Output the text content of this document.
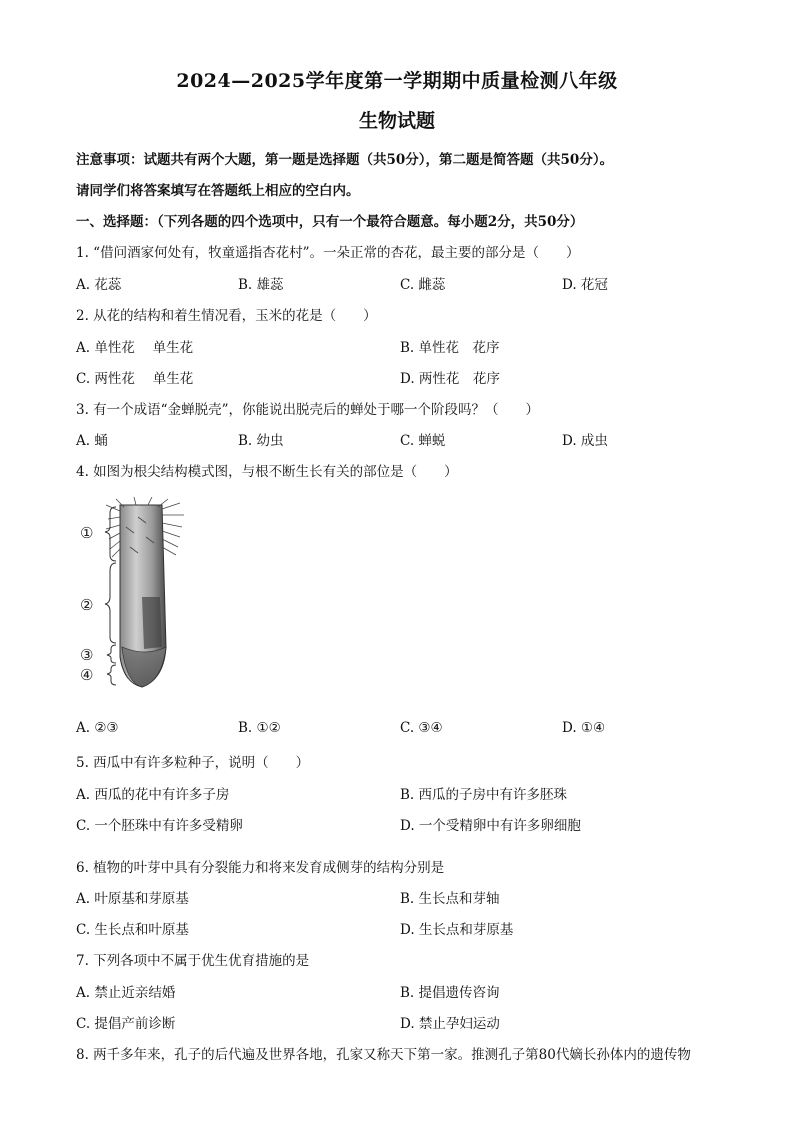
2024—2025学年度第一学期期中质量检测八年级
生物试题
注意事项：试题共有两个大题，第一题是选择题（共50分），第二题是简答题（共50分）。
请同学们将答案填写在答题纸上相应的空白内。
一、选择题：（下列各题的四个选项中，只有一个最符合题意。每小题2分，共50分）
1. “借问酒家何处有，牧童遥指杏花村”。一朵正常的杏花，最主要的部分是（　　）
A. 花蕊	B. 雄蕊	C. 雌蕊	D. 花冠
2. 从花的结构和着生情况看，玉米的花是（　　）
A. 单性花　 单生花	B. 单性花　花序
C. 两性花　 单生花	D. 两性花　花序
3. 有一个成语“金蝉脱壳”，你能说出脱壳后的蝉处于哪一个阶段吗？（　　）
A. 蛹	B. 幼虫	C. 蝉蜕	D. 成虫
4. 如图为根尖结构模式图，与根不断生长有关的部位是（　　）
①
②
③
④
A. ②③	B. ①②	C. ③④	D. ①④
5. 西瓜中有许多粒种子，说明（　　）
A. 西瓜的花中有许多子房	B. 西瓜的子房中有许多胚珠
C. 一个胚珠中有许多受精卵	D. 一个受精卵中有许多卵细胞
6. 植物的叶芽中具有分裂能力和将来发育成侧芽的结构分别是
A. 叶原基和芽原基	B. 生长点和芽轴
C. 生长点和叶原基	D. 生长点和芽原基
7. 下列各项中不属于优生优育措施的是
A. 禁止近亲结婚	B. 提倡遗传咨询
C. 提倡产前诊断	D. 禁止孕妇运动
8. 两千多年来，孔子的后代遍及世界各地，孔家又称天下第一家。推测孔子第80代嫡长孙体内的遗传物
